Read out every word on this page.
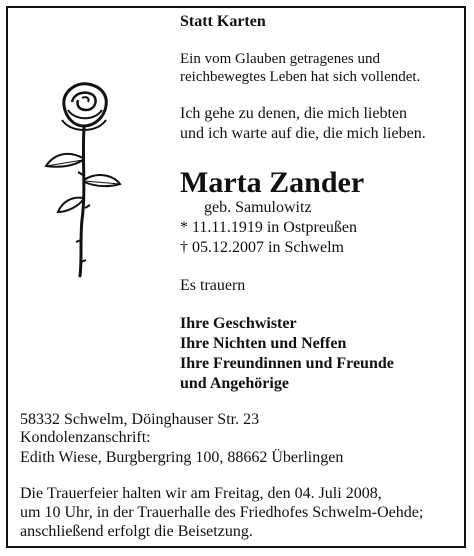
Statt Karten
Ein vom Glauben getragenes und
reichbewegtes Leben hat sich vollendet.
Ich gehe zu denen, die mich liebten
und ich warte auf die, die mich lieben.
Marta Zander
geb. Samulowitz
* 11.11.1919 in Ostpreußen
† 05.12.2007 in Schwelm
Es trauern
Ihre Geschwister
Ihre Nichten und Neffen
Ihre Freundinnen und Freunde
und Angehörige
58332 Schwelm, Döinghauser Str. 23
Kondolenzanschrift:
Edith Wiese, Burgbergring 100, 88662 Überlingen
Die Trauerfeier halten wir am Freitag, den 04. Juli 2008,
um 10 Uhr, in der Trauerhalle des Friedhofes Schwelm-Oehde;
anschließend erfolgt die Beisetzung.
